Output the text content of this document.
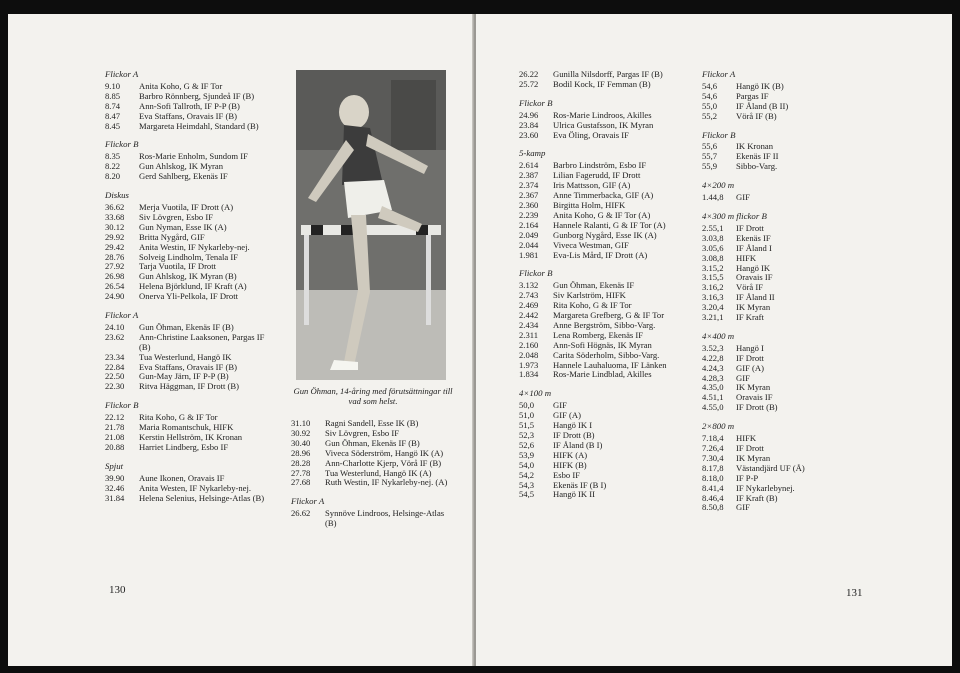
Flickor A
9.10	Anita Koho, G & IF Tor
8.85	Barbro Rönnberg, Sjundeå IF (B)
8.74	Ann-Sofi Tallroth, IF P-P (B)
8.47	Eva Staffans, Oravais IF (B)
8.45	Margareta Heimdahl, Standard (B)
Flickor B
8.35	Ros-Marie Enholm, Sundom IF
8.22	Gun Ahlskog, IK Myran
8.20	Gerd Sahlberg, Ekenäs IF
Diskus
36.62	Merja Vuotila, IF Drott (A)
33.68	Siv Lövgren, Esbo IF
30.12	Gun Nyman, Esse IK (A)
29.92	Britta Nygård, GIF
29.42	Anita Westin, IF Nykarleby-nej.
28.76	Solveig Lindholm, Tenala IF
27.92	Tarja Vuotila, IF Drott
26.98	Gun Ahlskog, IK Myran (B)
26.54	Helena Björklund, IF Kraft (A)
24.90	Onerva Yli-Pelkola, IF Drott
Flickor A
24.10	Gun Öhman, Ekenäs IF (B)
23.62	Ann-Christine Laaksonen, Pargas IF (B)
23.34	Tua Westerlund, Hangö IK
22.84	Eva Staffans, Oravais IF (B)
22.50	Gun-May Järn, IF P-P (B)
22.30	Ritva Häggman, IF Drott (B)
Flickor B
22.12	Rita Koho, G & IF Tor
21.78	Maria Romantschuk, HIFK
21.08	Kerstin Hellström, IK Kronan
20.88	Harriet Lindberg, Esbo IF
Spjut
39.90	Aune Ikonen, Oravais IF
32.46	Anita Westen, IF Nykarleby-nej.
31.84	Helena Selenius, Helsinge-Atlas (B)
Gun Öhman, 14-åring med förutsättningar till vad som helst.
31.10	Ragni Sandell, Esse IK (B)
30.92	Siv Lövgren, Esbo IF
30.40	Gun Öhman, Ekenäs IF (B)
28.96	Viveca Söderström, Hangö IK (A)
28.28	Ann-Charlotte Kjerp, Vörå IF (B)
27.78	Tua Westerlund, Hangö IK (A)
27.68	Ruth Westin, IF Nykarleby-nej. (A)
Flickor A
26.62	Synnöve Lindroos, Helsinge-Atlas (B)
130
26.22	Gunilla Nilsdorff, Pargas IF (B)
25.72	Bodil Kock, IF Femman (B)
Flickor B
24.96	Ros-Marie Lindroos, Akilles
23.84	Ulrica Gustafsson, IK Myran
23.60	Eva Öling, Oravais IF
5-kamp
2.614	Barbro Lindström, Esbo IF
2.387	Lilian Fagerudd, IF Drott
2.374	Iris Mattsson, GIF (A)
2.367	Anne Timmerbacka, GIF (A)
2.360	Birgitta Holm, HIFK
2.239	Anita Koho, G & IF Tor (A)
2.164	Hannele Ralanti, G & IF Tor (A)
2.049	Gunborg Nygård, Esse IK (A)
2.044	Viveca Westman, GIF
1.981	Eva-Lis Mård, IF Drott (A)
Flickor B
3.132	Gun Öhman, Ekenäs IF
2.743	Siv Karlström, HIFK
2.469	Rita Koho, G & IF Tor
2.442	Margareta Grefberg, G & IF Tor
2.434	Anne Bergström, Sibbo-Varg.
2.311	Lena Romberg, Ekenäs IF
2.160	Ann-Sofi Högnäs, IK Myran
2.048	Carita Söderholm, Sibbo-Varg.
1.973	Hannele Lauhaluoma, IF Länken
1.834	Ros-Marie Lindblad, Akilles
4×100 m
50,0	GIF
51,0	GIF (A)
51,5	Hangö IK I
52,3	IF Drott (B)
52,6	IF Åland (B I)
53,9	HIFK (A)
54,0	HIFK (B)
54,2	Esbo IF
54,3	Ekenäs IF (B I)
54,5	Hangö IK II
Flickor A
54,6	Hangö IK (B)
54,6	Pargas IF
55,0	IF Åland (B II)
55,2	Vörå IF (B)
Flickor B
55,6	IK Kronan
55,7	Ekenäs IF II
55,9	Sibbo-Varg.
4×200 m
1.44,8	GIF
4×300 m flickor B
2.55,1	IF Drott
3.03,8	Ekenäs IF
3.05,6	IF Åland I
3.08,8	HIFK
3.15,2	Hangö IK
3.15,5	Oravais IF
3.16,2	Vörå IF
3.16,3	IF Åland II
3.20,4	IK Myran
3.21,1	IF Kraft
4×400 m
3.52,3	Hangö I
4.22,8	IF Drott
4.24,3	GIF (A)
4.28,3	GIF
4.35,0	IK Myran
4.51,1	Oravais IF
4.55,0	IF Drott (B)
2×800 m
7.18,4	HIFK
7.26,4	IF Drott
7.30,4	IK Myran
8.17,8	Västandjärd UF (Å)
8.18,0	IF P-P
8.41,4	IF Nykarlebynej.
8.46,4	IF Kraft (B)
8.50,8	GIF
131
